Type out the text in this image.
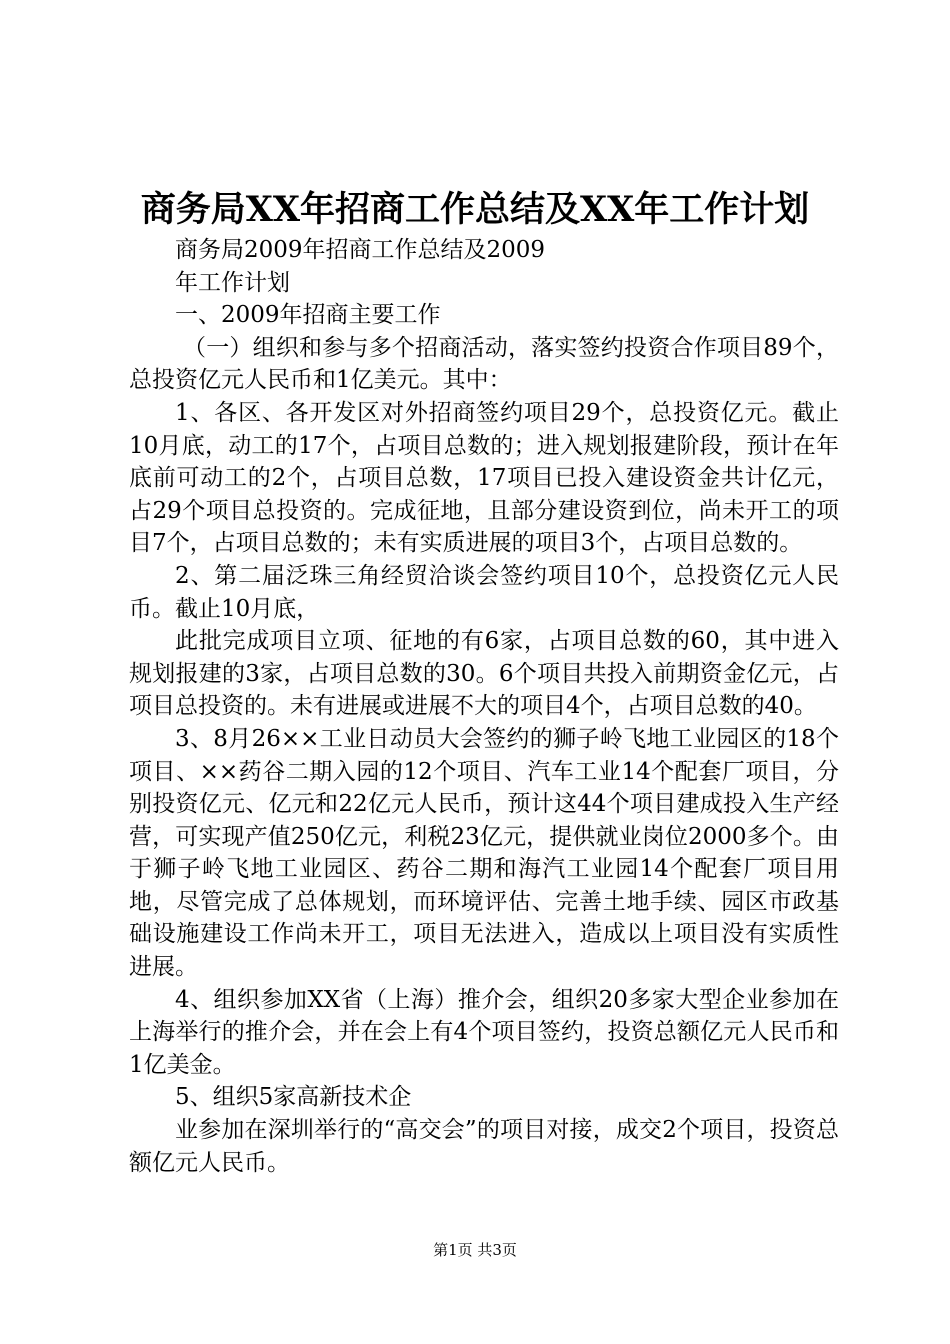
商务局XX年招商工作总结及XX年工作计划

商务局2009年招商工作总结及2009

年工作计划

一、2009年招商主要工作

（一）组织和参与多个招商活动，落实签约投资合作项目89个，总投资亿元人民币和1亿美元。其中：

1、各区、各开发区对外招商签约项目29个，总投资亿元。截止10月底，动工的17个，占项目总数的；进入规划报建阶段，预计在年底前可动工的2个，占项目总数，17项目已投入建设资金共计亿元，占29个项目总投资的。完成征地，且部分建设资到位，尚未开工的项目7个，占项目总数的；未有实质进展的项目3个，占项目总数的。

2、第二届泛珠三角经贸洽谈会签约项目10个，总投资亿元人民币。截止10月底，

此批完成项目立项、征地的有6家，占项目总数的60，其中进入规划报建的3家，占项目总数的30。6个项目共投入前期资金亿元，占项目总投资的。未有进展或进展不大的项目4个，占项目总数的40。

3、8月26××工业日动员大会签约的狮子岭飞地工业园区的18个项目、××药谷二期入园的12个项目、汽车工业14个配套厂项目，分别投资亿元、亿元和22亿元人民币，预计这44个项目建成投入生产经营，可实现产值250亿元，利税23亿元，提供就业岗位2000多个。由于狮子岭飞地工业园区、药谷二期和海汽工业园14个配套厂项目用地，尽管完成了总体规划，而环境评估、完善土地手续、园区市政基础设施建设工作尚未开工，项目无法进入，造成以上项目没有实质性进展。

4、组织参加XX省（上海）推介会，组织20多家大型企业参加在上海举行的推介会，并在会上有4个项目签约，投资总额亿元人民币和1亿美金。

5、组织5家高新技术企

业参加在深圳举行的“高交会”的项目对接，成交2个项目，投资总额亿元人民币。

第1页 共3页
